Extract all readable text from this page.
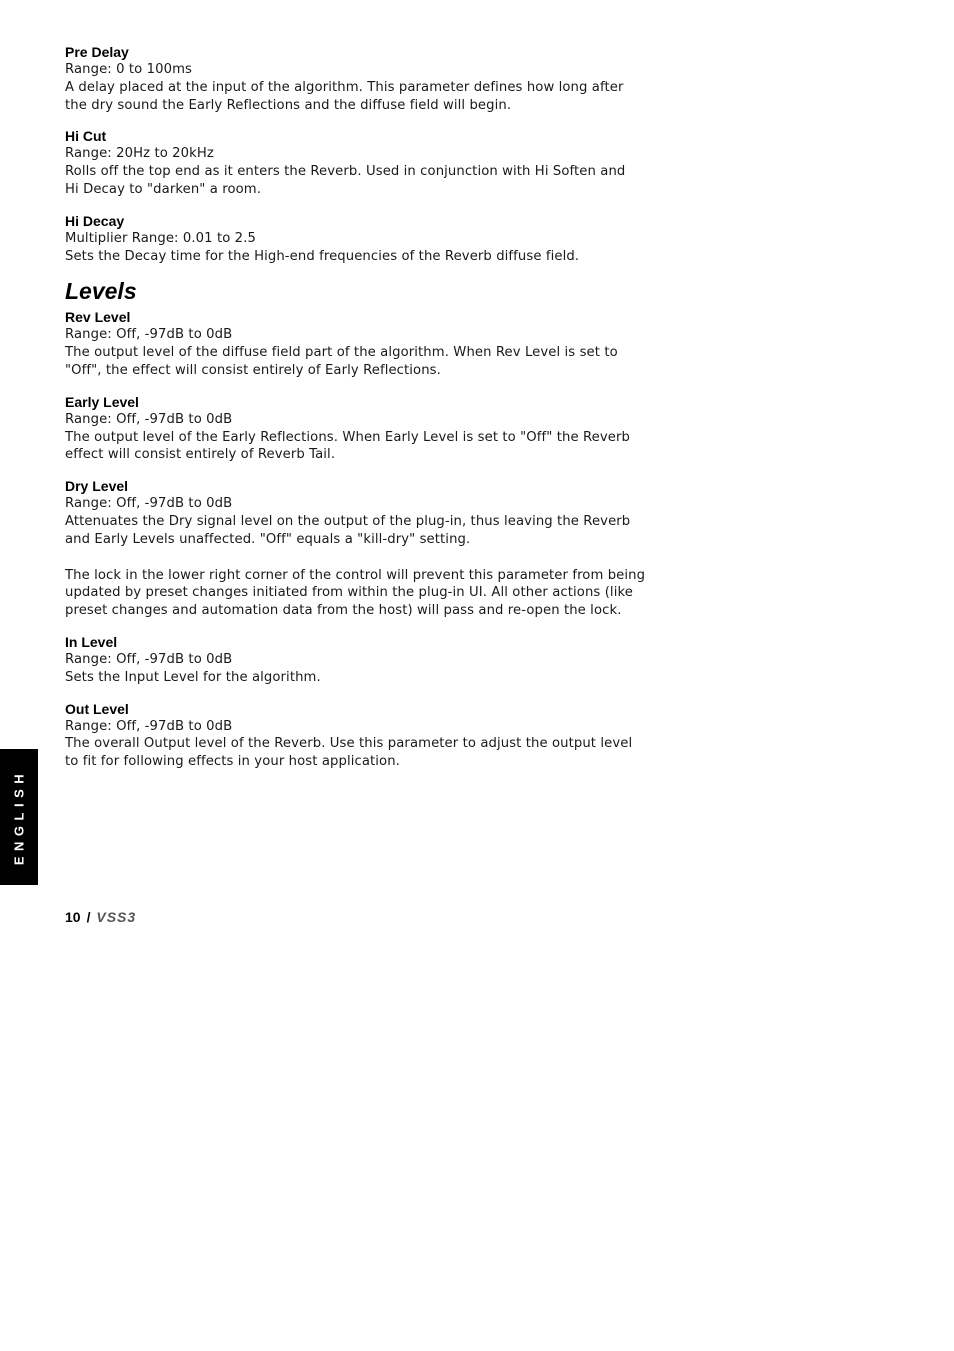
Pre Delay
Range: 0 to 100ms
A delay placed at the input of the algorithm. This parameter defines how long after
the dry sound the Early Reflections and the diffuse field will begin.
Hi Cut
Range: 20Hz to 20kHz
Rolls off the top end as it enters the Reverb. Used in conjunction with Hi Soften and
Hi Decay to "darken" a room.
Hi Decay
Multiplier Range: 0.01 to 2.5
Sets the Decay time for the High-end frequencies of the Reverb diffuse field.
Levels
Rev Level
Range: Off, -97dB to 0dB
The output level of the diffuse field part of the algorithm. When Rev Level is set to
"Off", the effect will consist entirely of Early Reflections.
Early Level
Range: Off, -97dB to 0dB
The output level of the Early Reflections. When Early Level is set to "Off" the Reverb
effect will consist entirely of Reverb Tail.
Dry Level
Range: Off, -97dB to 0dB
Attenuates the Dry signal level on the output of the plug-in, thus leaving the Reverb
and Early Levels unaffected. "Off" equals a "kill-dry" setting.
The lock in the lower right corner of the control will prevent this parameter from being
updated by preset changes initiated from within the plug-in UI. All other actions (like
preset changes and automation data from the host) will pass and re-open the lock.
In Level
Range: Off, -97dB to 0dB
Sets the Input Level for the algorithm.
Out Level
Range: Off, -97dB to 0dB
The overall Output level of the Reverb. Use this parameter to adjust the output level
to fit for following effects in your host application.
ENGLISH
10 / VSS3
